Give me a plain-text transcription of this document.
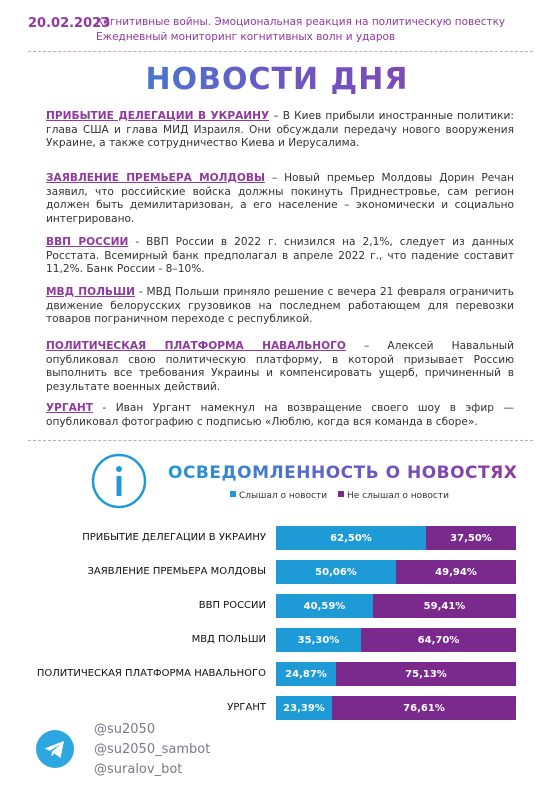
20.02.2023
Когнитивные войны. Эмоциональная реакция на политическую повестку
Ежедневный мониторинг когнитивных волн и ударов
НОВОСТИ ДНЯ
ПРИБЫТИЕ ДЕЛЕГАЦИИ В УКРАИНУ – В Киев прибыли иностранные политики: глава США и глава МИД Израиля. Они обсуждали передачу нового вооружения Украине, а также сотрудничество Киева и Иерусалима.
ЗАЯВЛЕНИЕ ПРЕМЬЕРА МОЛДОВЫ – Новый премьер Молдовы Дорин Речан заявил, что российские войска должны покинуть Приднестровье, сам регион должен быть демилитаризован, а его население – экономически и социально интегрировано.
ВВП РОССИИ - ВВП России в 2022 г. снизился на 2,1%, следует из данных Росстата. Всемирный банк предполагал в апреле 2022 г., что падение составит 11,2%. Банк России - 8–10%.
МВД ПОЛЬШИ - МВД Польши приняло решение с вечера 21 февраля ограничить движение белорусских грузовиков на последнем работающем для перевозки товаров пограничном переходе с республикой.
ПОЛИТИЧЕСКАЯ ПЛАТФОРМА НАВАЛЬНОГО – Алексей Навальный опубликовал свою политическую платформу, в которой призывает Россию выполнить все требования Украины и компенсировать ущерб, причиненный в результате военных действий.
УРГАНТ - Иван Ургант намекнул на возвращение своего шоу в эфир — опубликовал фотографию с подписью «Люблю, когда вся команда в сборе».
ОСВЕДОМЛЕННОСТЬ О НОВОСТЯХ
Слышал о новости	Не слышал о новости
ПРИБЫТИЕ ДЕЛЕГАЦИИ В УКРАИНУ	62,50%	37,50%
ЗАЯВЛЕНИЕ ПРЕМЬЕРА МОЛДОВЫ	50,06%	49,94%
ВВП РОССИИ	40,59%	59,41%
МВД ПОЛЬШИ	35,30%	64,70%
ПОЛИТИЧЕСКАЯ ПЛАТФОРМА НАВАЛЬНОГО 24,87%	75,13%
УРГАНТ 23,39%	76,61%
@su2050
@su2050_sambot
@suralov_bot
